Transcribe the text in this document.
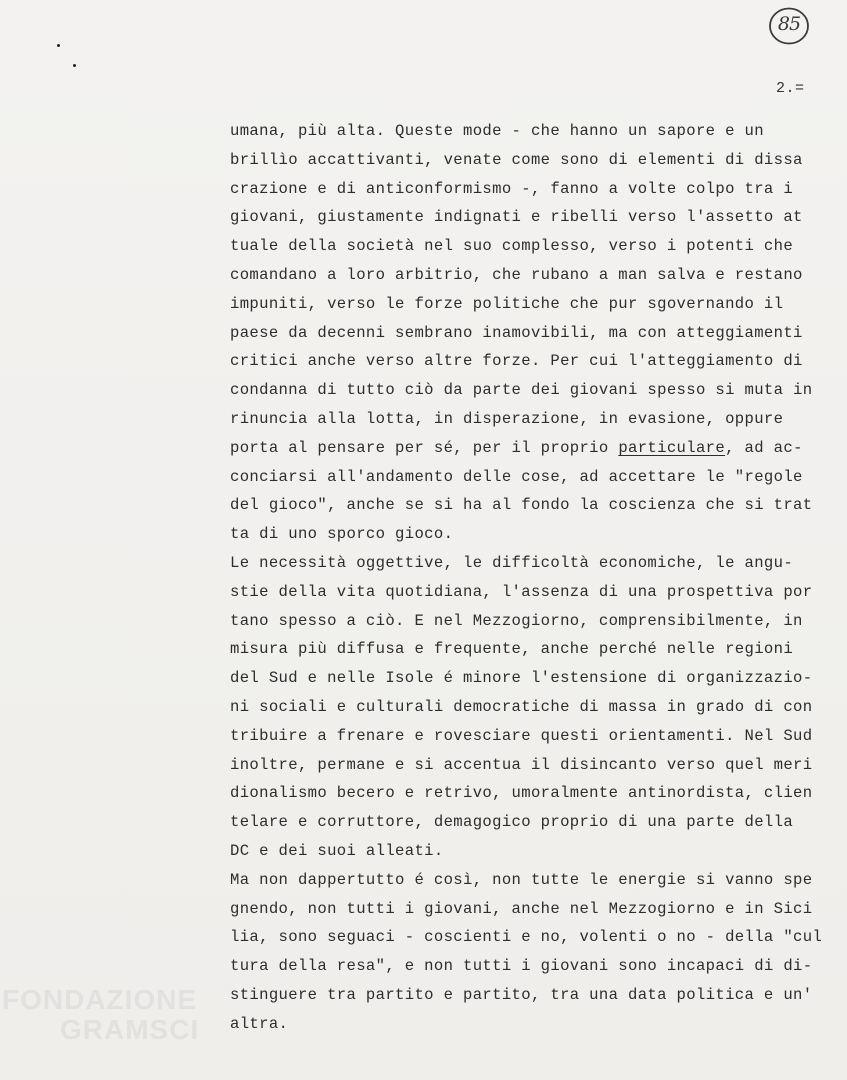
85
2.=
umana, più alta. Queste mode - che hanno un sapore e un
brillìo accattivanti, venate come sono di elementi di dissa
crazione e di anticonformismo -, fanno a volte colpo tra i
giovani, giustamente indignati e ribelli verso l'assetto at
tuale della società nel suo complesso, verso i potenti che
comandano a loro arbitrio, che rubano a man salva e restano
impuniti, verso le forze politiche che pur sgovernando il
paese da decenni sembrano inamovibili, ma con atteggiamenti
critici anche verso altre forze. Per cui l'atteggiamento di
condanna di tutto ciò da parte dei giovani spesso si muta in
rinuncia alla lotta, in disperazione, in evasione, oppure
porta al pensare per sé, per il proprio particulare, ad ac-
conciarsi all'andamento delle cose, ad accettare le "regole
del gioco", anche se si ha al fondo la coscienza che si trat
ta di uno sporco gioco.
Le necessità oggettive, le difficoltà economiche, le angu-
stie della vita quotidiana, l'assenza di una prospettiva por
tano spesso a ciò. E nel Mezzogiorno, comprensibilmente, in
misura più diffusa e frequente, anche perché nelle regioni
del Sud e nelle Isole é minore l'estensione di organizzazio-
ni sociali e culturali democratiche di massa in grado di con
tribuire a frenare e rovesciare questi orientamenti. Nel Sud
inoltre, permane e si accentua il disincanto verso quel meri
dionalismo becero e retrivo, umoralmente antinordista, clien
telare e corruttore, demagogico proprio di una parte della
DC e dei suoi alleati.
Ma non dappertutto é così, non tutte le energie si vanno spe
gnendo, non tutti i giovani, anche nel Mezzogiorno e in Sici
lia, sono seguaci - coscienti e no, volenti o no - della "cul
tura della resa", e non tutti i giovani sono incapaci di di-
stinguere tra partito e partito, tra una data politica e un'
altra.
FONDAZIONE
GRAMSCI
